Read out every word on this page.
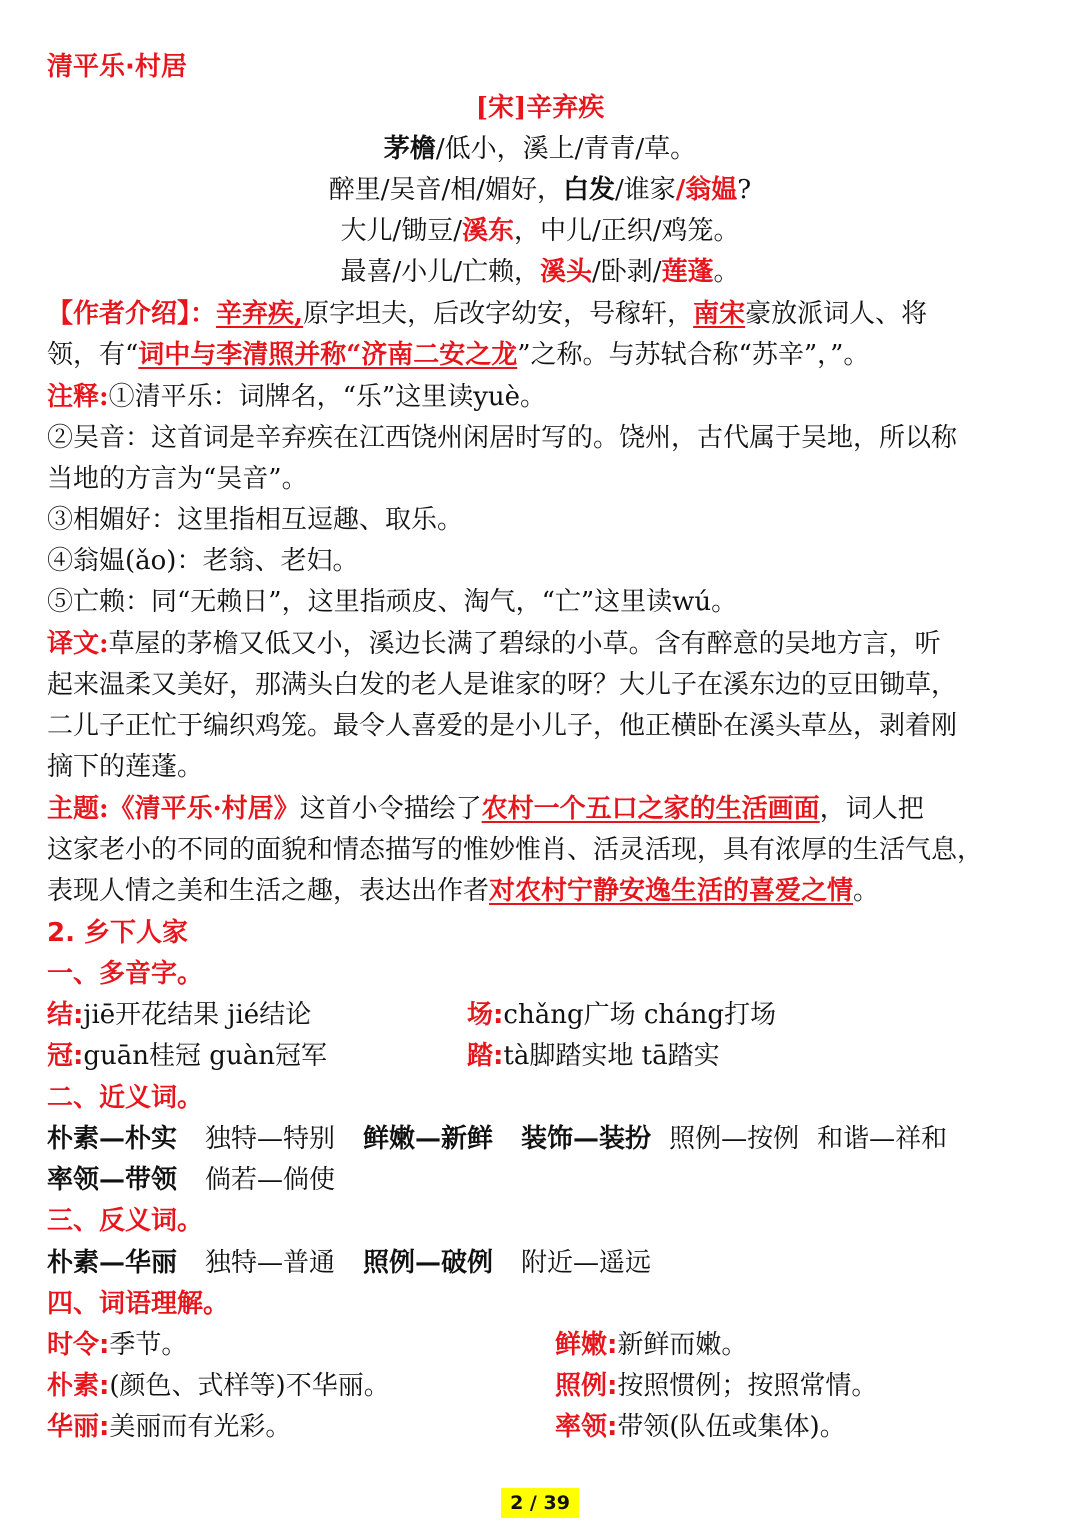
清平乐·村居
[宋]辛弃疾
茅檐/低小，溪上/青青/草。
醉里/吴音/相/媚好，白发/谁家/翁媪?
大儿/锄豆/溪东，中儿/正织/鸡笼。
最喜/小儿/亡赖，溪头/卧剥/莲蓬。
【作者介绍】：辛弃疾,原字坦夫，后改字幼安，号稼轩，南宋豪放派词人、将
领，有“词中与李清照并称“济南二安之龙”之称。与苏轼合称“苏辛”，”。
注释:①清平乐：词牌名，“乐”这里读yuè。
②吴音：这首词是辛弃疾在江西饶州闲居时写的。饶州，古代属于吴地，所以称
当地的方言为“吴音”。
③相媚好：这里指相互逗趣、取乐。
④翁媪(ǎo)：老翁、老妇。
⑤亡赖：同“无赖日”，这里指顽皮、淘气，“亡”这里读wú。
译文:草屋的茅檐又低又小，溪边长满了碧绿的小草。含有醉意的吴地方言，听
起来温柔又美好，那满头白发的老人是谁家的呀？大儿子在溪东边的豆田锄草，
二儿子正忙于编织鸡笼。最令人喜爱的是小儿子，他正横卧在溪头草丛，剥着刚
摘下的莲蓬。
主题:《清平乐·村居》这首小令描绘了农村一个五口之家的生活画面，词人把
这家老小的不同的面貌和情态描写的惟妙惟肖、活灵活现，具有浓厚的生活气息，
表现人情之美和生活之趣，表达出作者对农村宁静安逸生活的喜爱之情。
2. 乡下人家
一、多音字。
结:jiē开花结果 jié结论	场:chǎng广场 cháng打场
冠:guān桂冠 guàn冠军	踏:tà脚踏实地 tā踏实
二、近义词。
朴素—朴实 独特—特别 鲜嫩—新鲜 装饰—装扮 照例—按例 和谐—祥和
率领—带领 倘若—倘使
三、反义词。
朴素—华丽 独特—普通 照例—破例 附近—遥远
四、词语理解。
时令:季节。	鲜嫩:新鲜而嫩。
朴素:(颜色、式样等)不华丽。	照例:按照惯例；按照常情。
华丽:美丽而有光彩。	率领:带领(队伍或集体)。
2 / 39
